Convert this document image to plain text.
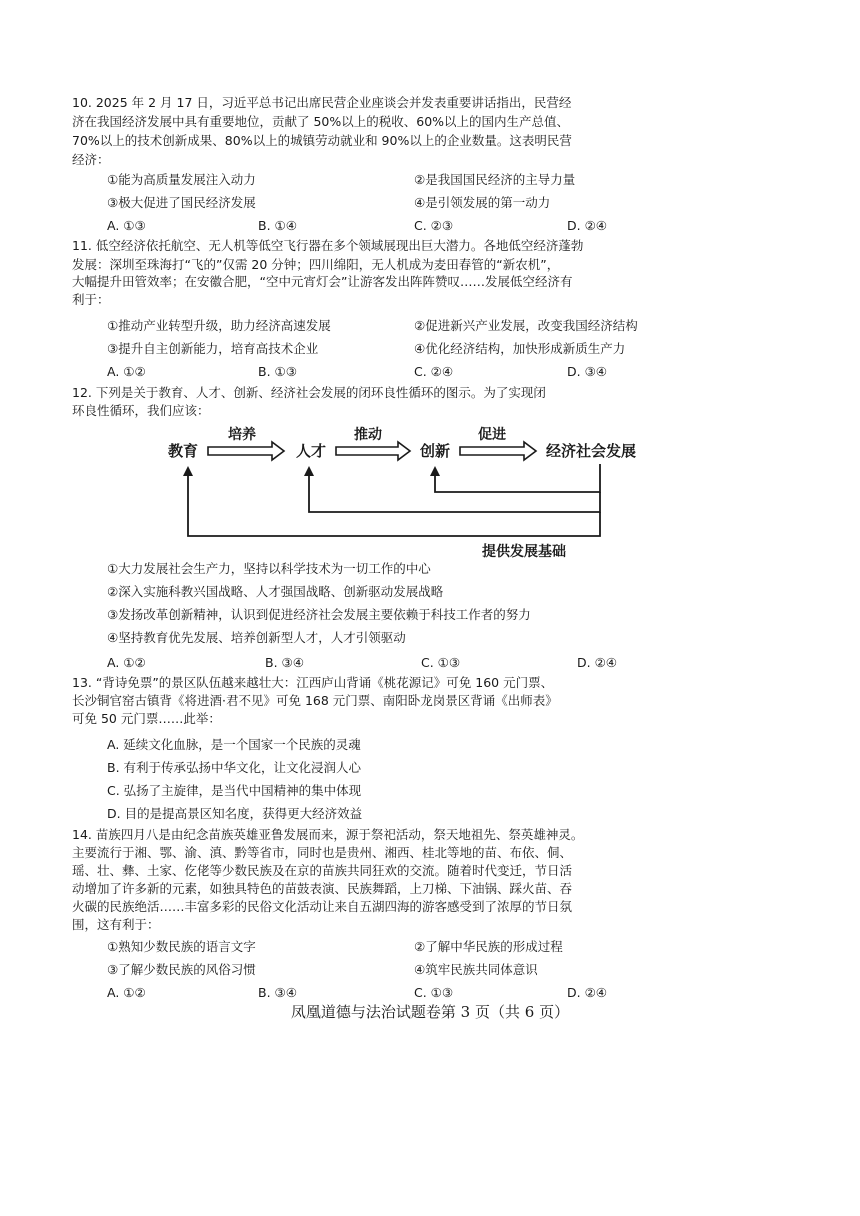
10. 2025 年 2 月 17 日，习近平总书记出席民营企业座谈会并发表重要讲话指出，民营经
济在我国经济发展中具有重要地位，贡献了 50%以上的税收、60%以上的国内生产总值、
70%以上的技术创新成果、80%以上的城镇劳动就业和 90%以上的企业数量。这表明民营
经济：
①能为高质量发展注入动力	②是我国国民经济的主导力量
③极大促进了国民经济发展	④是引领发展的第一动力
A. ①③	B. ①④	C. ②③	D. ②④
11. 低空经济依托航空、无人机等低空飞行器在多个领域展现出巨大潜力。各地低空经济蓬勃
发展：深圳至珠海打“飞的”仅需 20 分钟；四川绵阳，无人机成为麦田春管的“新农机”，
大幅提升田管效率；在安徽合肥，“空中元宵灯会”让游客发出阵阵赞叹……发展低空经济有
利于：
①推动产业转型升级，助力经济高速发展	②促进新兴产业发展，改变我国经济结构
③提升自主创新能力，培育高技术企业	④优化经济结构，加快形成新质生产力
A. ①②	B. ①③	C. ②④	D. ③④
12. 下列是关于教育、人才、创新、经济社会发展的闭环良性循环的图示。为了实现闭
环良性循环，我们应该：
教育	人才	创新	经济社会发展
培养	推动	促进
提供发展基础
①大力发展社会生产力，坚持以科学技术为一切工作的中心
②深入实施科教兴国战略、人才强国战略、创新驱动发展战略
③发扬改革创新精神，认识到促进经济社会发展主要依赖于科技工作者的努力
④坚持教育优先发展、培养创新型人才，人才引领驱动
A. ①②	B. ③④	C. ①③	D. ②④
13. “背诗免票”的景区队伍越来越壮大：江西庐山背诵《桃花源记》可免 160 元门票、
长沙铜官窑古镇背《将进酒·君不见》可免 168 元门票、南阳卧龙岗景区背诵《出师表》
可免 50 元门票……此举：
A. 延续文化血脉，是一个国家一个民族的灵魂
B. 有利于传承弘扬中华文化，让文化浸润人心
C. 弘扬了主旋律，是当代中国精神的集中体现
D. 目的是提高景区知名度，获得更大经济效益
14. 苗族四月八是由纪念苗族英雄亚鲁发展而来，源于祭祀活动，祭天地祖先、祭英雄神灵。
主要流行于湘、鄂、渝、滇、黔等省市，同时也是贵州、湘西、桂北等地的苗、布依、侗、
瑶、壮、彝、土家、仡佬等少数民族及在京的苗族共同狂欢的交流。随着时代变迁，节日活
动增加了许多新的元素，如独具特色的苗鼓表演、民族舞蹈，上刀梯、下油锅、踩火苗、吞
火碳的民族绝活……丰富多彩的民俗文化活动让来自五湖四海的游客感受到了浓厚的节日氛
围，这有利于：
①熟知少数民族的语言文字	②了解中华民族的形成过程
③了解少数民族的风俗习惯	④筑牢民族共同体意识
A. ①②	B. ③④	C. ①③	D. ②④
凤凰道德与法治试题卷第 3 页（共 6 页）
